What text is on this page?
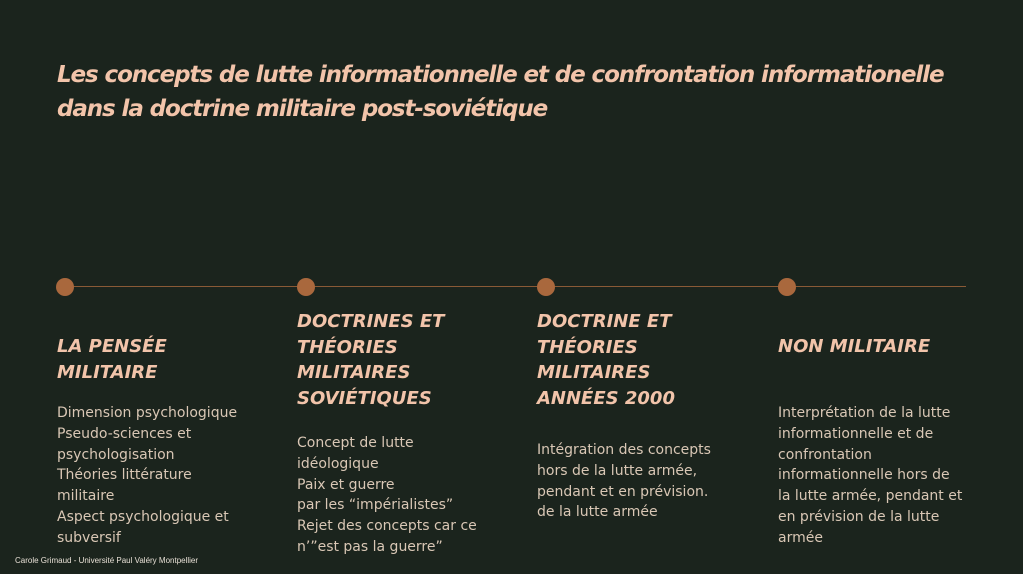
Les concepts de lutte informationnelle et de confrontation informationelle
dans la doctrine militaire post-soviétique
LA PENSÉE
MILITAIRE
Dimension psychologique
Pseudo-sciences et
psychologisation
Théories littérature
militaire
Aspect psychologique et
subversif
DOCTRINES ET
THÉORIES
MILITAIRES
SOVIÉTIQUES
Concept de lutte
idéologique
Paix et guerre
par les “impérialistes”
Rejet des concepts car ce
n’”est pas la guerre”
DOCTRINE ET
THÉORIES
MILITAIRES
ANNÉES 2000
Intégration des concepts
hors de la lutte armée,
pendant et en prévision.
de la lutte armée
NON MILITAIRE
Interprétation de la lutte
informationnelle et de
confrontation
informationnelle hors de
la lutte armée, pendant et
en prévision de la lutte
armée
Carole Grimaud - Université Paul Valéry Montpellier
